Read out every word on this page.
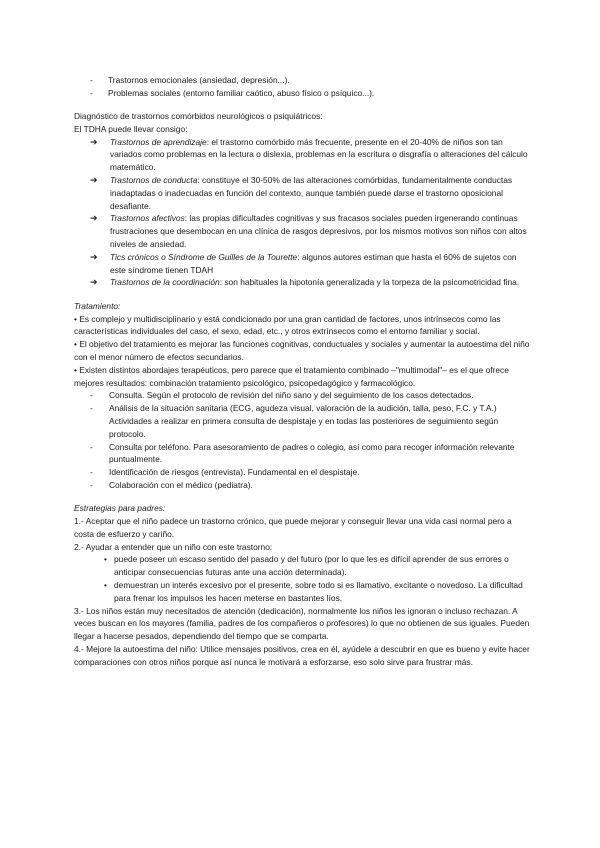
-	Trastornos emocionales (ansiedad, depresión...).
-	Problemas sociales (entorno familiar caótico, abuso físico o psíquico...).

Diagnóstico de trastornos comórbidos neurológicos o psiquiátricos:

El TDHA puede llevar consigo:

➔	Trastornos de aprendizaje: el trastorno comórbido más frecuente, presente en el 20-40% de niños son tan variados como problemas en la lectura o dislexia, problemas en la escritura o disgrafía o alteraciones del cálculo matemático.
➔	Trastornos de conducta: constituye el 30-50% de las alteraciones comórbidas, fundamentalmente conductas inadaptadas o inadecuadas en función del contexto, aunque también puede darse el trastorno oposicional desafiante.
➔	Trastornos afectivos: las propias dificultades cognitivas y sus fracasos sociales pueden irgenerando continuas frustraciones que desembocan en una clínica de rasgos depresivos, por los mismos motivos son niños con altos niveles de ansiedad.
➔	Tics crónicos o Síndrome de Guilles de la Tourette: algunos autores estiman que hasta el 60% de sujetos con este síndrome tienen TDAH
➔	Trastornos de la coordinación: son habituales la hipotonía generalizada y la torpeza de la psicomotricidad fina.

Tratamiento:

• Es complejo y multidisciplinario y está condicionado por una gran cantidad de factores, unos intrínsecos como las características individuales del caso, el sexo, edad, etc., y otros extrínsecos como el entorno familiar y social.

• El objetivo del tratamiento es mejorar las funciones cognitivas, conductuales y sociales y aumentar la autoestima del niño con el menor número de efectos secundarios.

• Existen distintos abordajes terapéuticos, pero parece que el tratamiento combinado –"multimodal"– es el que ofrece mejores resultados: combinación tratamiento psicológico, psicopedagógico y farmacológico.

-	Consulta. Según el protocolo de revisión del niño sano y del seguimiento de los casos detectados.
-	Análisis de la situación sanitaria (ECG, agudeza visual, valoración de la audición, talla, peso, F.C. y T.A.) Actividades a realizar en primera consulta de despistaje y en todas las posteriores de seguimiento según protocolo.
-	Consulta por teléfono. Para asesoramiento de padres o colegio, así como para recoger información relevante puntualmente.
-	Identificación de riesgos (entrevista). Fundamental en el despistaje.
-	Colaboración con el médico (pediatra).

Estrategias para padres:

1.- Aceptar que el niño padece un trastorno crónico, que puede mejorar y conseguir llevar una vida casi normal pero a costa de esfuerzo y cariño.

2.- Ayudar a entender que un niño con este trastorno:

• puede poseer un escaso sentido del pasado y del futuro (por lo que les es difícil aprender de sus errores o anticipar consecuencias futuras ante una acción determinada).
• demuestran un interés excesivo por el presente, sobre todo si es llamativo, excitante o novedoso. La dificultad para frenar los impulsos les hacen meterse en bastantes líos.

3.- Los niños están muy necesitados de atención (dedicación), normalmente los niños les ignoran o incluso rechazan. A veces buscan en los mayores (familia, padres de los compañeros o profesores) lo que no obtienen de sus iguales. Pueden llegar a hacerse pesados, dependiendo del tiempo que se comparta.

4.- Mejore la autoestima del niño: Utilice mensajes positivos, crea en él, ayúdele a descubrir en que es bueno y evite hacer comparaciones con otros niños porque así nunca le motivará a esforzarse, eso solo sirve para frustrar más.
